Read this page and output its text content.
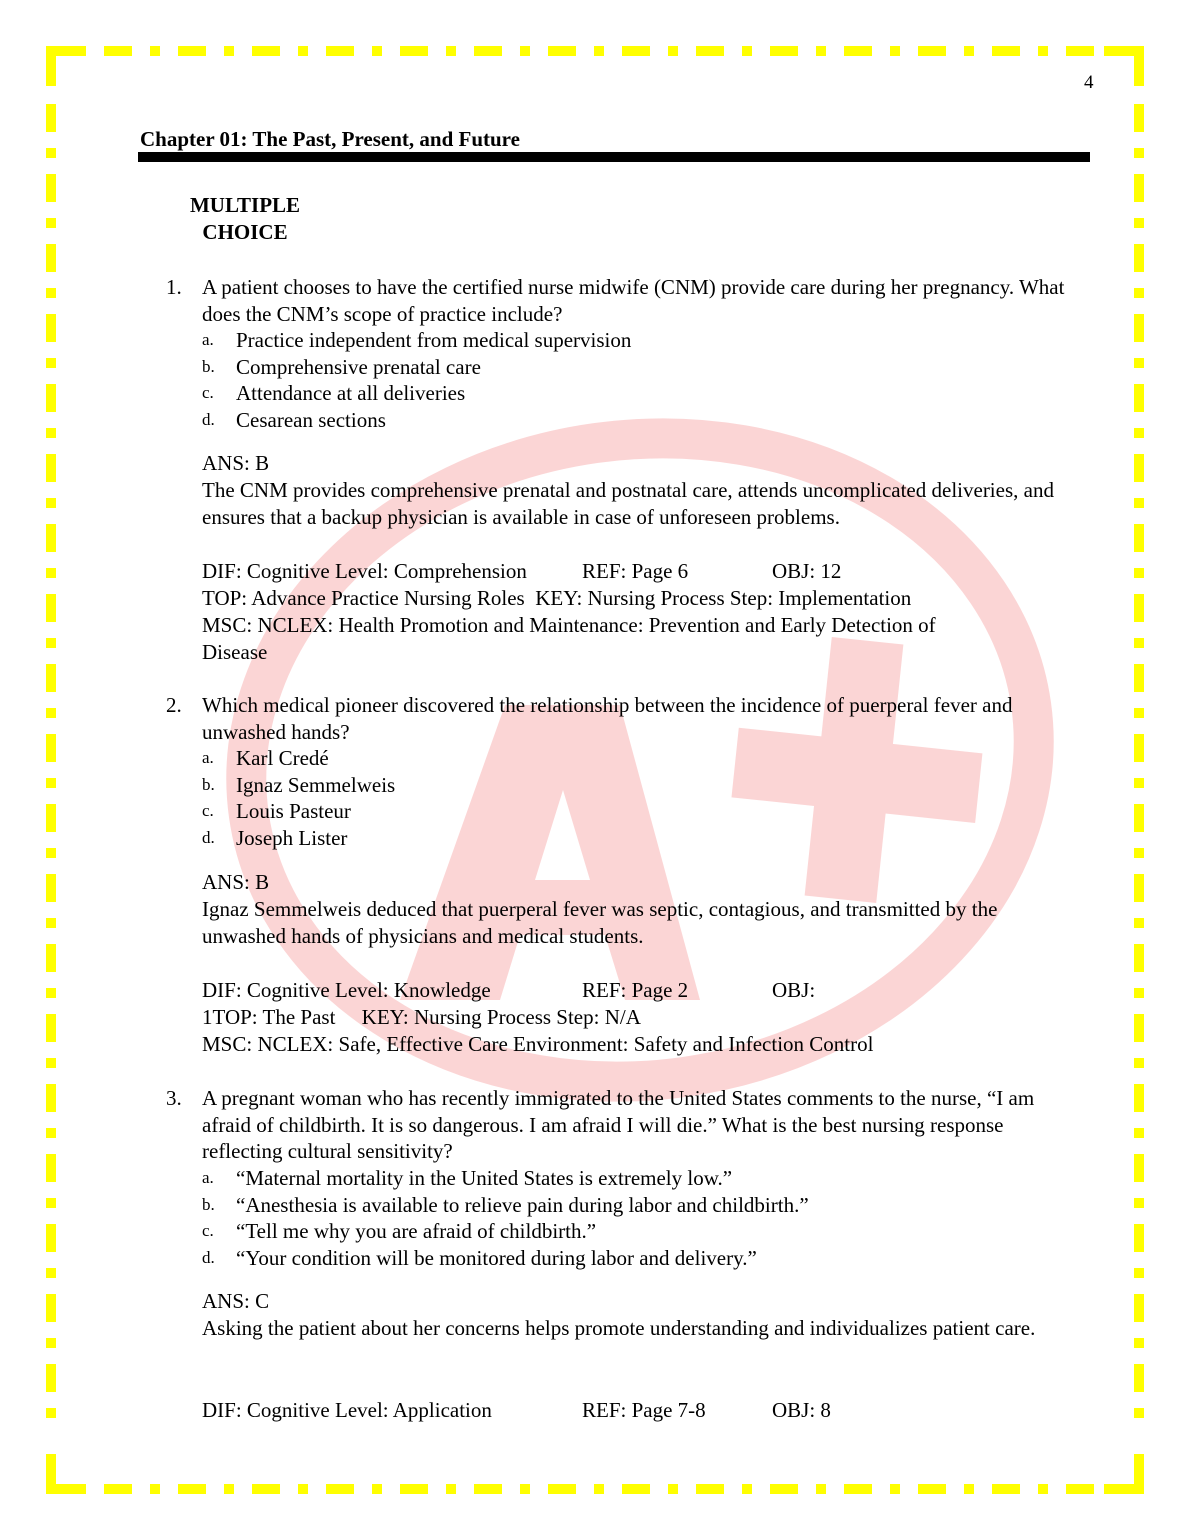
4
Chapter 01: The Past, Present, and Future
MULTIPLE
CHOICE
1. A patient chooses to have the certified nurse midwife (CNM) provide care during her pregnancy. What does the CNM’s scope of practice include?
a. Practice independent from medical supervision
b. Comprehensive prenatal care
c. Attendance at all deliveries
d. Cesarean sections
ANS: B
The CNM provides comprehensive prenatal and postnatal care, attends uncomplicated deliveries, and ensures that a backup physician is available in case of unforeseen problems.
DIF: Cognitive Level: Comprehension	REF: Page 6	OBJ: 12
TOP: Advance Practice Nursing Roles KEY: Nursing Process Step: Implementation
MSC: NCLEX: Health Promotion and Maintenance: Prevention and Early Detection of
Disease
2. Which medical pioneer discovered the relationship between the incidence of puerperal fever and unwashed hands?
a. Karl Credé
b. Ignaz Semmelweis
c. Louis Pasteur
d. Joseph Lister
ANS: B
Ignaz Semmelweis deduced that puerperal fever was septic, contagious, and transmitted by the unwashed hands of physicians and medical students.
DIF: Cognitive Level: Knowledge	REF: Page 2	OBJ:
1TOP: The Past KEY: Nursing Process Step: N/A
MSC: NCLEX: Safe, Effective Care Environment: Safety and Infection Control
3. A pregnant woman who has recently immigrated to the United States comments to the nurse, “I am afraid of childbirth. It is so dangerous. I am afraid I will die.” What is the best nursing response reflecting cultural sensitivity?
a. “Maternal mortality in the United States is extremely low.”
b. “Anesthesia is available to relieve pain during labor and childbirth.”
c. “Tell me why you are afraid of childbirth.”
d. “Your condition will be monitored during labor and delivery.”
ANS: C
Asking the patient about her concerns helps promote understanding and individualizes patient care.
DIF: Cognitive Level: Application	REF: Page 7-8	OBJ: 8
